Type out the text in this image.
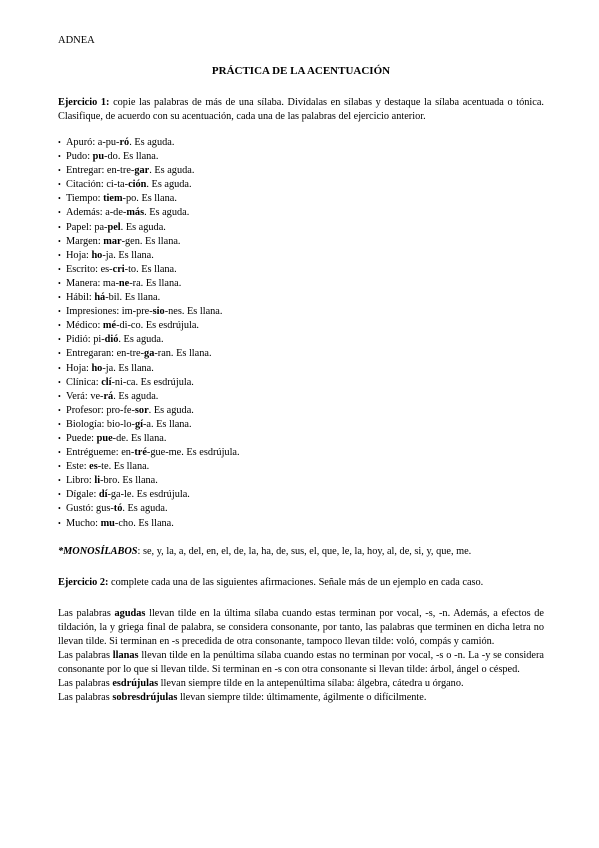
ADNEA
PRÁCTICA DE LA ACENTUACIÓN

Ejercicio 1: copie las palabras de más de una sílaba. Divídalas en sílabas y destaque la sílaba acentuada o tónica. Clasifique, de acuerdo con su acentuación, cada una de las palabras del ejercicio anterior.

• Apuró: a-pu-ró. Es aguda.
• Pudo: pu-do. Es llana.
• Entregar: en-tre-gar. Es aguda.
• Citación: ci-ta-ción. Es aguda.
• Tiempo: tiem-po. Es llana.
• Además: a-de-más. Es aguda.
• Papel: pa-pel. Es aguda.
• Margen: mar-gen. Es llana.
• Hoja: ho-ja. Es llana.
• Escrito: es-cri-to. Es llana.
• Manera: ma-ne-ra. Es llana.
• Hábil: há-bil. Es llana.
• Impresiones: im-pre-sio-nes. Es llana.
• Médico: mé-di-co. Es esdrújula.
• Pidió: pi-dió. Es aguda.
• Entregaran: en-tre-ga-ran. Es llana.
• Hoja: ho-ja. Es llana.
• Clínica: clí-ni-ca. Es esdrújula.
• Verá: ve-rá. Es aguda.
• Profesor: pro-fe-sor. Es aguda.
• Biología: bio-lo-gí-a. Es llana.
• Puede: pue-de. Es llana.
• Entrégueme: en-tré-gue-me. Es esdrújula.
• Este: es-te. Es llana.
• Libro: li-bro. Es llana.
• Dígale: dí-ga-le. Es esdrújula.
• Gustó: gus-tó. Es aguda.
• Mucho: mu-cho. Es llana.

*MONOSÍLABOS: se, y, la, a, del, en, el, de, la, ha, de, sus, el, que, le, la, hoy, al, de, si, y, que, me.

Ejercicio 2: complete cada una de las siguientes afirmaciones. Señale más de un ejemplo en cada caso.

Las palabras agudas llevan tilde en la última sílaba cuando estas terminan por vocal, -s, -n. Además, a efectos de tildación, la y griega final de palabra, se considera consonante, por tanto, las palabras que terminen en dicha letra no llevan tilde. Si terminan en -s precedida de otra consonante, tampoco llevan tilde: voló, compás y camión.

Las palabras llanas llevan tilde en la penúltima sílaba cuando estas no terminan por vocal, -s o -n. La -y se considera consonante por lo que si llevan tilde. Si terminan en -s con otra consonante si llevan tilde: árbol, ángel o césped.

Las palabras esdrújulas llevan siempre tilde en la antepenúltima sílaba: álgebra, cátedra u órgano.

Las palabras sobresdrújulas llevan siempre tilde: últimamente, ágilmente o difícilmente.
